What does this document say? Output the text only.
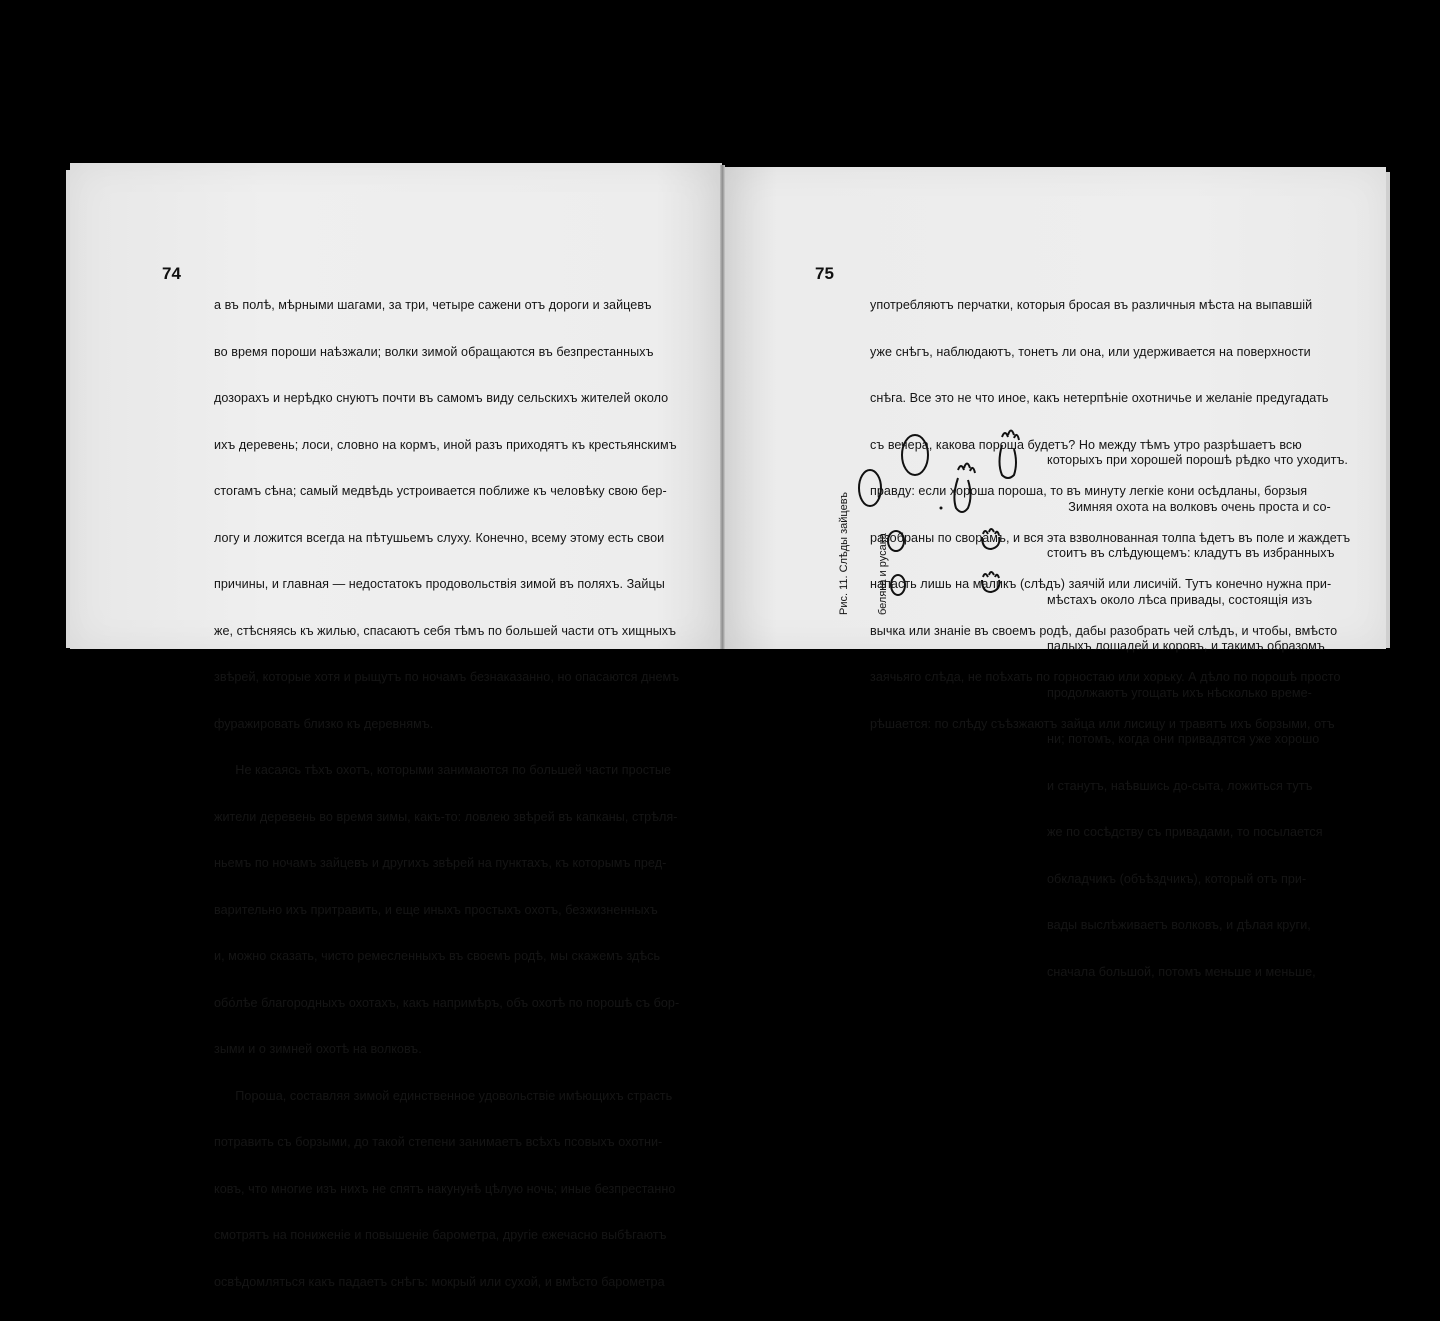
74	75

а въ полѣ, мѣрными шагами, за три, четыре сажени отъ дороги и зайцевъ

во время пороши наѣзжали; волки зимой обращаются въ безпрестанныхъ

дозорахъ и нерѣдко снуютъ почти въ самомъ виду сельскихъ жителей около

ихъ деревень; лоси, словно на кормъ, иной разъ приходятъ къ крестьянскимъ

стогамъ сѣна; самый медвѣдь устроивается поближе къ человѣку свою бер-

логу и ложится всегда на пѣтушьемъ слуху. Конечно, всему этому есть свои

причины, и главная — недостатокъ продовольствія зимой въ поляхъ. Зайцы

же, стѣсняясь къ жилью, спасаютъ себя тѣмъ по большей части отъ хищныхъ

звѣрей, которые хотя и рыщутъ по ночамъ безнаказанно, но опасаются днемъ

фуражировать близко къ деревнямъ.

Не касаясь тѣхъ охотъ, которыми занимаются по большей части простые

жители деревень во время зимы, какъ-то: ловлею звѣрей въ капканы, стрѣля-

ньемъ по ночамъ зайцевъ и другихъ звѣрей на пунктахъ, къ которымъ пред-

варительно ихъ притравить, и еще иныхъ простыхъ охотъ, безжизненныхъ

и, можно сказать, чисто ремесленныхъ въ своемъ родѣ, мы скажемъ здѣсь

обо́лѣе благородныхъ охотахъ, какъ напримѣръ, объ охотѣ по порошѣ съ бор-

зыми и о зимней охотѣ на волковъ.

Пороша, составляя зимой единственное удовольствіе имѣющихъ страсть

потравить съ борзыми, до такой степени занимаетъ всѣхъ псовыхъ охотни-

ковъ, что многие изъ нихъ не спятъ накунунѣ цѣлую ночь; иные безпрестанно

смотрятъ на пониженіе и повышеніе барометра, другіе ежечасно выбѣгаютъ

освѣдомляться какъ падаетъ снѣгъ: мокрый или сухой, и вмѣсто барометра

употребляютъ перчатки, которыя бросая въ различныя мѣста на выпавшій

уже снѣгъ, наблюдаютъ, тонетъ ли она, или удерживается на поверхности

снѣга. Все это не что иное, какъ нетерпѣніе охотничье и желаніе предугадать

съ вечера, какова пороша будетъ? Но между тѣмъ утро разрѣшаетъ всю

правду: если хороша пороша, то въ минуту легкіе кони осѣдланы, борзыя

разобраны по сворамъ, и вся эта взволнованная толпа ѣдетъ въ поле и жаждетъ

напасть лишь на маликъ (слѣдъ) заячій или лисичій. Тутъ конечно нужна при-

вычка или знаніе въ своемъ родѣ, дабы разобрать чей слѣдъ, и чтобы, вмѣсто

заячьяго слѣда, не поѣхать по горностаю или хорьку. А дѣло по порошѣ просто

рѣшается: по слѣду съѣзжаютъ зайца или лисицу и травятъ ихъ борзыми, отъ

которыхъ при хорошей порошѣ рѣдко что уходитъ.

Зимняя охота на волковъ очень проста и со-

стоитъ въ слѣдующемъ: кладутъ въ избранныхъ

мѣстахъ около лѣса привады, состоящія изъ

палыхъ лошадей и коровъ, и такимъ образомъ

продолжаютъ угощать ихъ нѣсколько време-

ни; потомъ, когда они привадятся уже хорошо

и станутъ, наѣвшись до-сыта, ложиться тутъ

же по сосѣдству съ привадами, то посылается

обкладчикъ (объѣздчикъ), который отъ при-

вады выслѣживаетъ волковъ, и дѣлая круги,

сначала большой, потомъ меньше и меньше,

Рис. 11. Слѣды зайцевъ

беляка и русака
